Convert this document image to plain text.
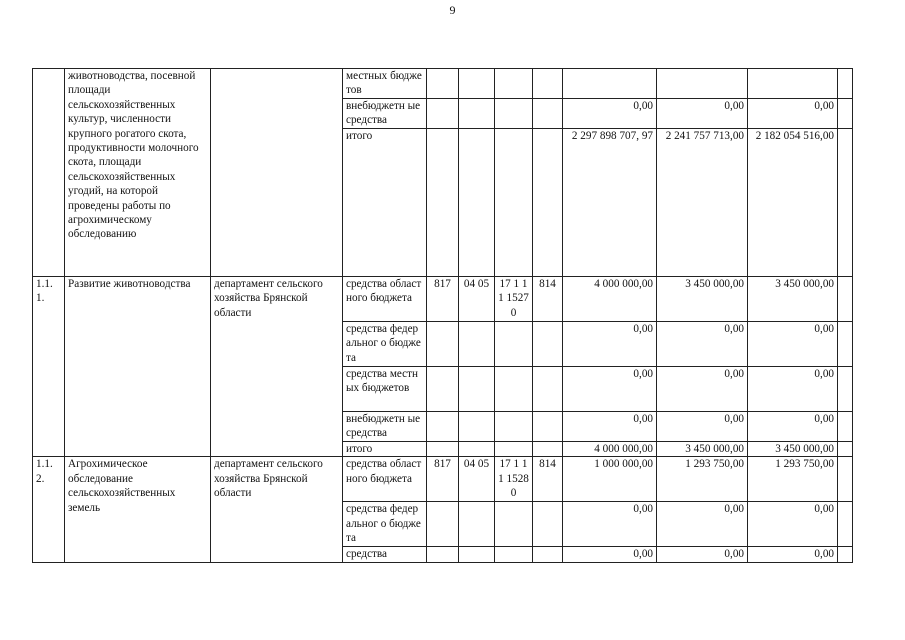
9
	животноводства, посевной площади сельскохозяйственных культур, численности крупного рогатого скота, продуктивности молочного скота, площади сельскохозяйственных угодий, на которой проведены работы по агрохимическому обследованию		местных бюджетов								
			внебюджетн ые средства					0,00	0,00	0,00	
			итого					2 297 898 707, 97	2 241 757 713,00	2 182 054 516,00	
1.1.1.	Развитие животноводства	департамент сельского хозяйства Брянской области	средства областного бюджета	817	04 05	17 1 11 15270	814	4 000 000,00	3 450 000,00	3 450 000,00	
			средства федеральног о бюджета					0,00	0,00	0,00	
			средства местных бюджетов					0,00	0,00	0,00	
			внебюджетн ые средства					0,00	0,00	0,00	
			итого					4 000 000,00	3 450 000,00	3 450 000,00	
1.1.2.	Агрохимическое обследование сельскохозяйственных земель	департамент сельского хозяйства Брянской области	средства областного бюджета	817	04 05	17 1 11 15280	814	1 000 000,00	1 293 750,00	1 293 750,00	
			средства федеральног о бюджета					0,00	0,00	0,00	
			средства					0,00	0,00	0,00	
